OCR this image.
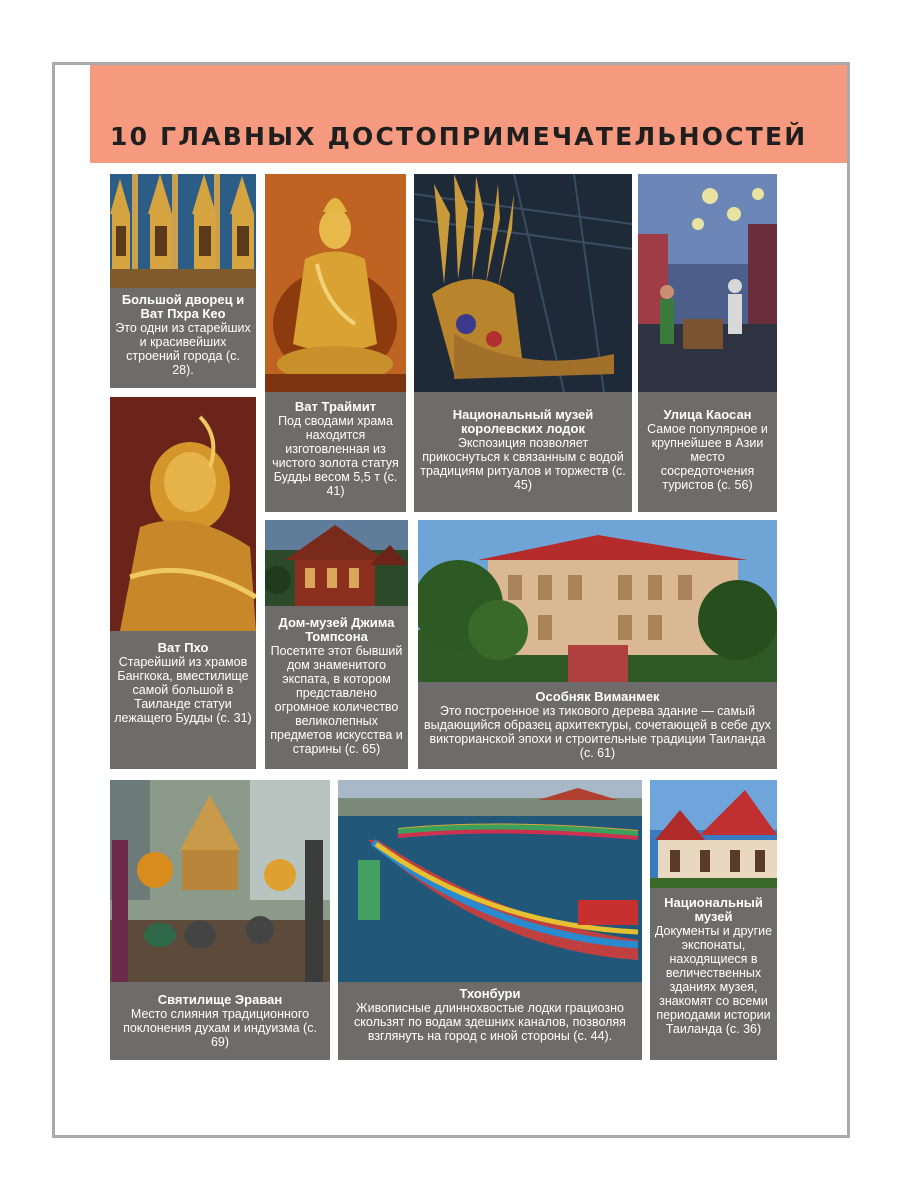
10 ГЛАВНЫХ ДОСТОПРИМЕЧАТЕЛЬНОСТЕЙ
Большой дворец и Ват Пхра Кео
Это одни из старейших и красивейших строений города (с. 28).
Ват Траймит
Под сводами храма находится изготовленная из чистого золота статуя Будды весом 5,5 т (с. 41)
Национальный музей королевских лодок
Экспозиция позволяет прикоснуться к связанным с водой традициям ритуалов и торжеств (с. 45)
Улица Каосан
Самое популярное и крупнейшее в Азии место сосредоточения туристов (с. 56)
Ват Пхо
Старейший из храмов Бангкока, вместилище самой большой в Таиланде статуи лежащего Будды (с. 31)
Дом-музей Джима Томпсона
Посетите этот бывший дом знаменитого экспата, в котором представлено огромное количество великолепных предметов искусства и старины (с. 65)
Особняк Виманмек
Это построенное из тикового дерева здание — самый выдающийся образец архитектуры, сочетающей в себе дух викторианской эпохи и строительные традиции Таиланда (с. 61)
Святилище Эраван
Место слияния традиционного поклонения духам и индуизма (с. 69)
Тхонбури
Живописные длиннохвостые лодки грациозно скользят по водам здешних каналов, позволяя взглянуть на город с иной стороны (с. 44).
Национальный музей
Документы и другие экспонаты, находящиеся в величественных зданиях музея, знакомят со всеми периодами истории Таиланда (с. 36)
